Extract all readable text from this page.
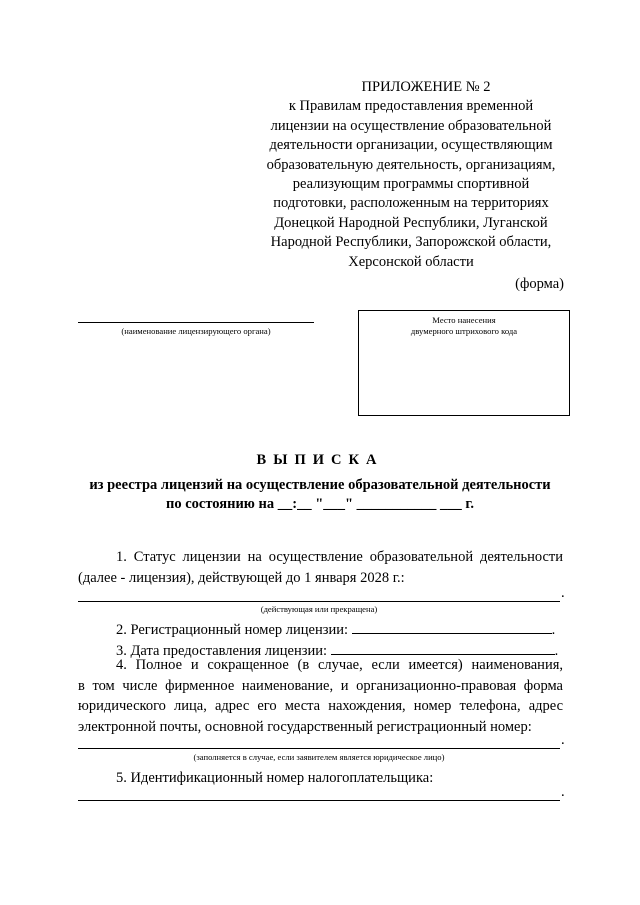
ПРИЛОЖЕНИЕ № 2
к Правилам предоставления временной
лицензии на осуществление образовательной
деятельности организации, осуществляющим
образовательную деятельность, организациям,
реализующим программы спортивной
подготовки, расположенным на территориях
Донецкой Народной Республики, Луганской
Народной Республики, Запорожской области,
Херсонской области
(форма)
(наименование лицензирующего органа)
Место нанесения
двумерного штрихового кода
ВЫПИСКА
из реестра лицензий на осуществление образовательной деятельности
по состоянию на __:__ "___" ___________ ___ г.
1. Статус лицензии на осуществление образовательной деятельности
(далее - лицензия), действующей до 1 января 2028 г.:
.
(действующая или прекращена)
2. Регистрационный номер лицензии:	.
3. Дата предоставления лицензии:	.
4. Полное и сокращенное (в случае, если имеется) наименования,
в том числе фирменное наименование, и организационно-правовая форма
юридического лица, адрес его места нахождения, номер телефона, адрес
электронной почты, основной государственный регистрационный номер:
.
(заполняется в случае, если заявителем является юридическое лицо)
5. Идентификационный номер налогоплательщика:
.
